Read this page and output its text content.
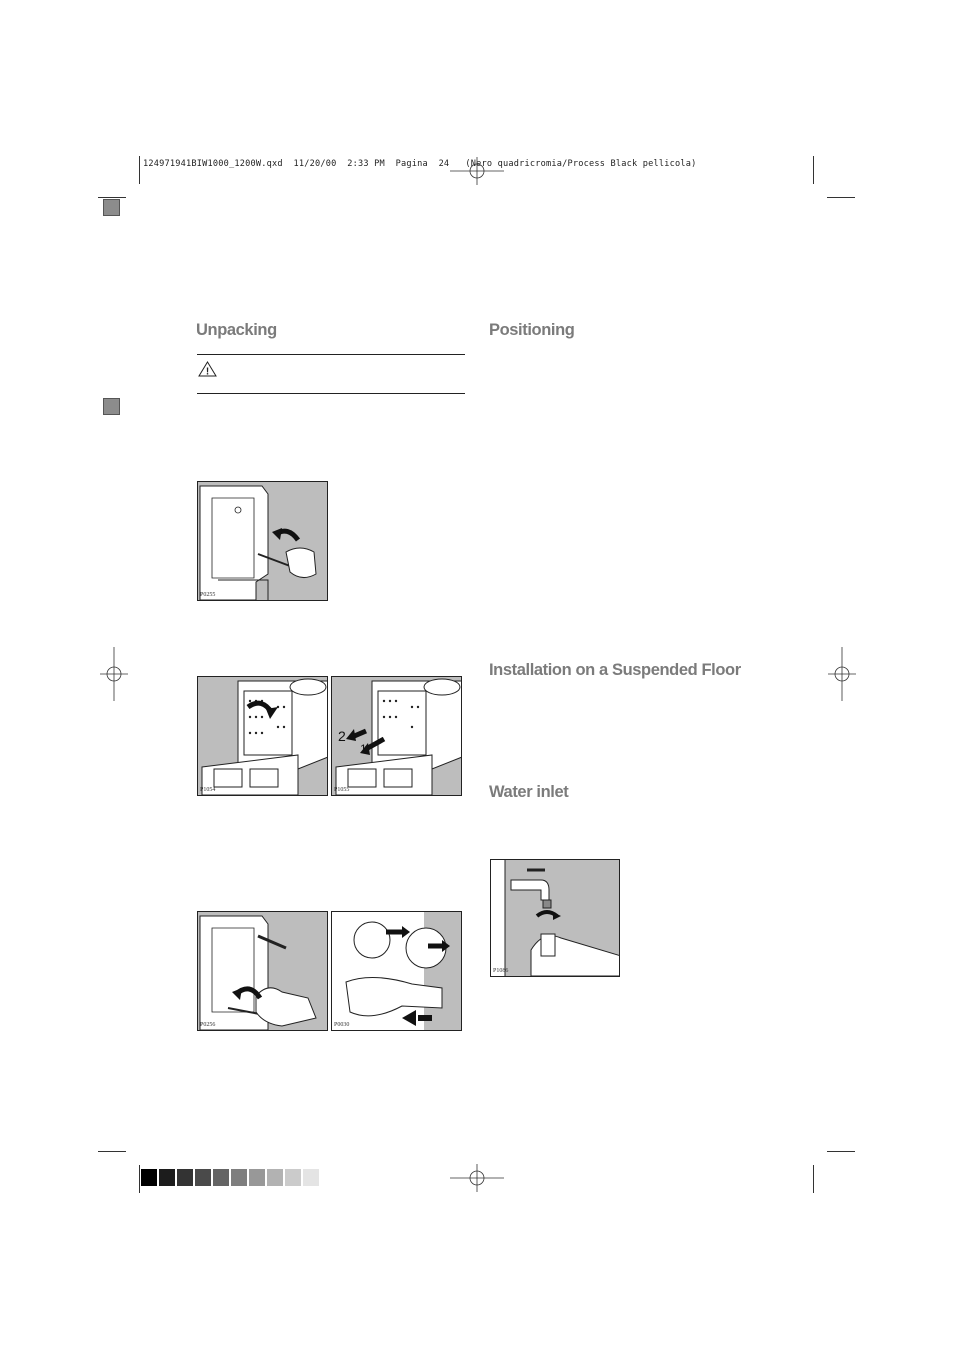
124971941BIW1000_1200W.qxd  11/20/00  2:33 PM  Pagina  24   (Nero quadricromia/Process Black pellicola)
Unpacking	Positioning
Installation on a Suspended Floor
Water inlet
!
P0255
P1054
2
1
P1055
P0256	P0030
P1086
